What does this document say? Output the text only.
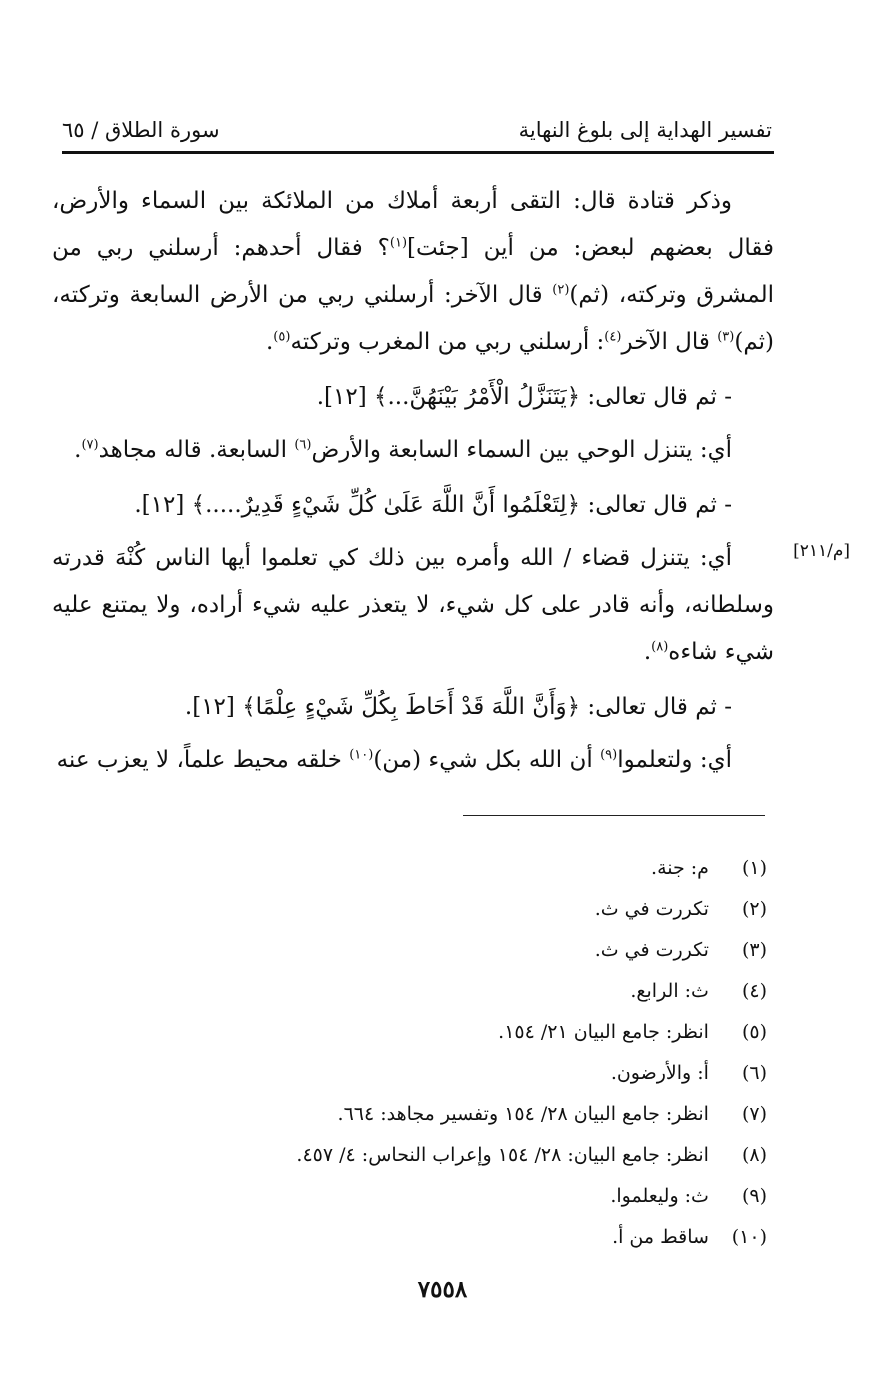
تفسير الهداية إلى بلوغ النهاية
سورة الطلاق / ٦٥

وذكر قتادة قال: التقى أربعة أملاك من الملائكة بين السماء والأرض، فقال بعضهم لبعض: من أين [جئت]$^{(١)}$؟ فقال أحدهم: أرسلني ربي من المشرق وتركته، (ثم)$^{(٢)}$ قال الآخر: أرسلني ربي من الأرض السابعة وتركته، (ثم)$^{(٣)}$ قال الآخر$^{(٤)}$: أرسلني ربي من المغرب وتركته$^{(٥)}$.

- ثم قال تعالى: ﴿يَتَنَزَّلُ الْأَمْرُ بَيْنَهُنَّ...﴾ [١٢].

أي: يتنزل الوحي بين السماء السابعة والأرض$^{(٦)}$ السابعة. قاله مجاهد$^{(٧)}$.

- ثم قال تعالى: ﴿لِتَعْلَمُوا أَنَّ اللَّهَ عَلَىٰ كُلِّ شَيْءٍ قَدِيرٌ.....﴾ [١٢].

أي: يتنزل قضاء / الله وأمره بين ذلك كي تعلموا أيها الناس كُنْهَ قدرته وسلطانه، وأنه قادر على كل شيء، لا يتعذر عليه شيء أراده، ولا يمتنع عليه شيء شاءه$^{(٨)}$.

- ثم قال تعالى: ﴿وَأَنَّ اللَّهَ قَدْ أَحَاطَ بِكُلِّ شَيْءٍ عِلْمًا﴾ [١٢].

أي: ولتعلموا$^{(٩)}$ أن الله بكل شيء (من)$^{(١٠)}$ خلقه محيط علماً، لا يعزب عنه

[م/٢١١]
(١) م: جنة.
(٢) تكررت في ث.
(٣) تكررت في ث.
(٤) ث: الرابع.
(٥) انظر: جامع البيان ٢١/ ١٥٤.
(٦) أ: والأرضون.
(٧) انظر: جامع البيان ٢٨/ ١٥٤ وتفسير مجاهد: ٦٦٤.
(٨) انظر: جامع البيان: ٢٨/ ١٥٤ وإعراب النحاس: ٤/ ٤٥٧.
(٩) ث: وليعلموا.
(١٠) ساقط من أ.
٧٥٥٨
